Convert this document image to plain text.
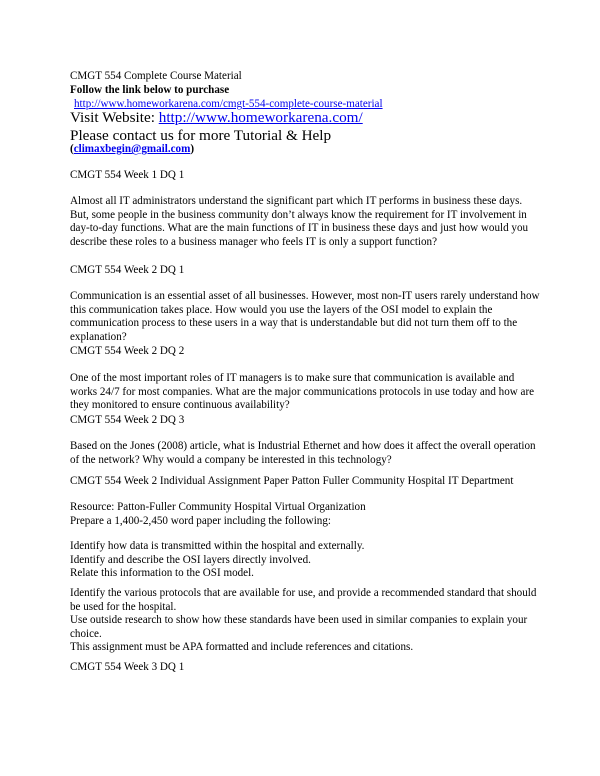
CMGT 554 Complete Course Material
Follow the link below to purchase
http://www.homeworkarena.com/cmgt-554-complete-course-material
Visit Website: http://www.homeworkarena.com/
Please contact us for more Tutorial & Help
(climaxbegin@gmail.com)
CMGT 554 Week 1 DQ 1
Almost all IT administrators understand the significant part which IT performs in business these days.
But, some people in the business community don’t always know the requirement for IT involvement in
day-to-day functions. What are the main functions of IT in business these days and just how would you
describe these roles to a business manager who feels IT is only a support function?
CMGT 554 Week 2 DQ 1
Communication is an essential asset of all businesses. However, most non-IT users rarely understand how
this communication takes place. How would you use the layers of the OSI model to explain the
communication process to these users in a way that is understandable but did not turn them off to the
explanation?
CMGT 554 Week 2 DQ 2
One of the most important roles of IT managers is to make sure that communication is available and
works 24/7 for most companies. What are the major communications protocols in use today and how are
they monitored to ensure continuous availability?
CMGT 554 Week 2 DQ 3
Based on the Jones (2008) article, what is Industrial Ethernet and how does it affect the overall operation
of the network? Why would a company be interested in this technology?
CMGT 554 Week 2 Individual Assignment Paper Patton Fuller Community Hospital IT Department
Resource: Patton-Fuller Community Hospital Virtual Organization
Prepare a 1,400-2,450 word paper including the following:
Identify how data is transmitted within the hospital and externally.
Identify and describe the OSI layers directly involved.
Relate this information to the OSI model.
Identify the various protocols that are available for use, and provide a recommended standard that should
be used for the hospital.
Use outside research to show how these standards have been used in similar companies to explain your
choice.
This assignment must be APA formatted and include references and citations.
CMGT 554 Week 3 DQ 1
